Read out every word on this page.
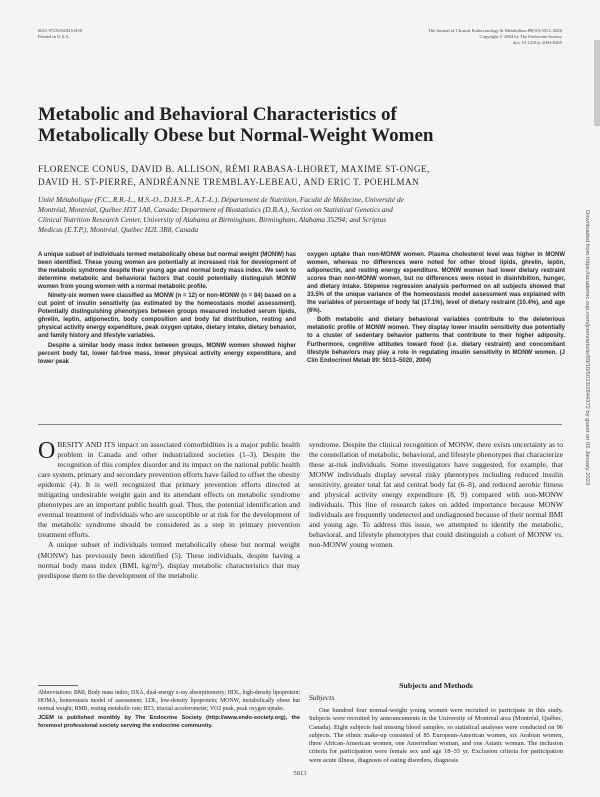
0021-972X/04/$15.00/0
Printed in U.S.A.
The Journal of Clinical Endocrinology & Metabolism 89(10):5013–5020
Copyright © 2004 by The Endocrine Society
doi: 10.1210/jc.2004-0265
Downloaded from https://academic.oup.com/jcem/article/89/10/5013/2844372 by guest on 05 January 2023
Metabolic and Behavioral Characteristics of
Metabolically Obese but Normal-Weight Women
FLORENCE CONUS, DAVID B. ALLISON, RÉMI RABASA-LHORET, MAXIME ST-ONGE,
DAVID H. ST-PIERRE, ANDRÉANNE TREMBLAY-LEBEAU, AND ERIC T. POEHLMAN
Unité Métabolique (F.C., R.R.-L., M.S.-O., D.H.S.-P., A.T.-L.), Département de Nutrition, Faculté de Médecine, Université de
Montréal, Montréal, Québec H3T 1A8, Canada; Department of Biostatistics (D.B.A.), Section on Statistical Genetics and
Clinical Nutrition Research Center, University of Alabama at Birmingham, Birmingham, Alabama 35294; and Scriptus
Medicus (E.T.P.), Montréal, Québec H2L 3R8, Canada

A unique subset of individuals termed metabolically obese but normal weight (MONW) has been identified. These young women are potentially at increased risk for development of the metabolic syndrome despite their young age and normal body mass index. We seek to determine metabolic and behavioral factors that could potentially distinguish MONW women from young women with a normal metabolic profile.

Ninety-six women were classified as MONW (n = 12) or non-MONW (n = 84) based on a cut point of insulin sensitivity (as estimated by the homeostasis model assessment). Potentially distinguishing phenotypes between groups measured included serum lipids, ghrelin, leptin, adiponectin, body composition and body fat distribution, resting and physical activity energy expenditure, peak oxygen uptake, dietary intake, dietary behavior, and family history and lifestyle variables.

Despite a similar body mass index between groups, MONW women showed higher percent body fat, lower fat-free mass, lower physical activity energy expenditure, and lower peak

oxygen uptake than non-MONW women. Plasma cholesterol level was higher in MONW women, whereas no differences were noted for other blood lipids, ghrelin, leptin, adiponectin, and resting energy expenditure. MONW women had lower dietary restraint scores than non-MONW women, but no differences were noted in disinhibition, hunger, and dietary intake. Stepwise regression analysis performed on all subjects showed that 33.5% of the unique variance of the homeostasis model assessment was explained with the variables of percentage of body fat (17.1%), level of dietary restraint (10.4%), and age (6%).

Both metabolic and dietary behavioral variables contribute to the deleterious metabolic profile of MONW women. They display lower insulin sensitivity due potentially to a cluster of sedentary behavior patterns that contribute to their higher adiposity. Furthermore, cognitive attitudes toward food (i.e. dietary restraint) and concomitant lifestyle behaviors may play a role in regulating insulin sensitivity in MONW women. (J Clin Endocrinol Metab 89: 5013–5020, 2004)

OBESITY AND ITS impact on associated comorbidities is a major public health problem in Canada and other industrialized societies (1–3). Despite the recognition of this complex disorder and its impact on the national public health care system, primary and secondary prevention efforts have failed to offset the obesity epidemic (4). It is well recognized that primary prevention efforts directed at mitigating undesirable weight gain and its attendant effects on metabolic syndrome phenotypes are an important public health goal. Thus, the potential identification and eventual treatment of individuals who are susceptible or at risk for the development of the metabolic syndrome should be considered as a step in primary prevention treatment efforts.

A unique subset of individuals termed metabolically obese but normal weight (MONW) has previously been identified (5). These individuals, despite having a normal body mass index (BMI, kg/m²), display metabolic characteristics that may predispose them to the development of the metabolic

syndrome. Despite the clinical recognition of MONW, there exists uncertainty as to the constellation of metabolic, behavioral, and lifestyle phenotypes that characterize these at-risk individuals. Some investigators have suggested, for example, that MONW individuals display several risky phenotypes including reduced insulin sensitivity, greater total fat and central body fat (6–8), and reduced aerobic fitness and physical activity energy expenditure (8, 9) compared with non-MONW individuals. This line of research takes on added importance because MONW individuals are frequently undetected and undiagnosed because of their normal BMI and young age. To address this issue, we attempted to identify the metabolic, behavioral, and lifestyle phenotypes that could distinguish a cohort of MONW vs. non-MONW young women.

Subjects and Methods
Subjects

One hundred four normal-weight young women were recruited to participate in this study. Subjects were recruited by announcements in the University of Montreal area (Montréal, Québec, Canada). Eight subjects had missing blood samples, so statistical analyses were conducted on 96 subjects. The ethnic make-up consisted of 85 European-American women, six Arabian women, three African-American women, one Amerindian woman, and one Asiatic woman. The inclusion criteria for participation were female sex and age 18–35 yr. Exclusion criteria for participation were acute illness, diagnosis of eating disorders, diagnosis

Abbreviations: BMI, Body mass index; DXA, dual-energy x-ray absorptiometry; HDL, high-density lipoprotein; HOMA, homeostasis model of assessment; LDL, low-density lipoprotein; MONW, metabolically obese but normal weight; RMR, resting metabolic rate; RT3, triaxial accelerometer; VO2 peak, peak oxygen uptake.

JCEM is published monthly by The Endocrine Society (http://www.endo-society.org), the foremost professional society serving the endocrine community.

5013
